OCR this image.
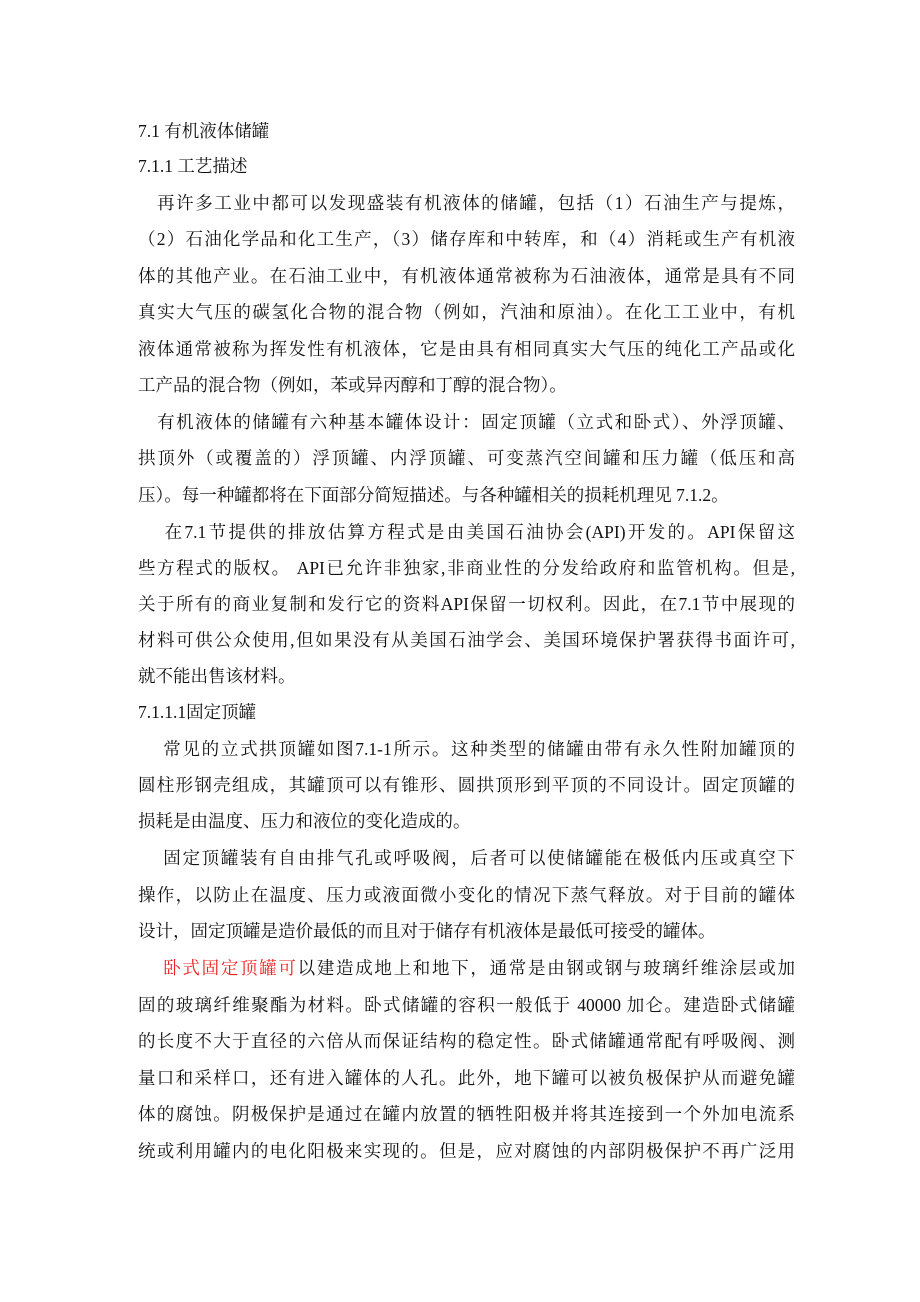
7.1 有机液体储罐
7.1.1 工艺描述
　再许多工业中都可以发现盛装有机液体的储罐，包括（1）石油生产与提炼，
（2）石油化学品和化工生产，（3）储存库和中转库，和（4）消耗或生产有机液
体的其他产业。在石油工业中，有机液体通常被称为石油液体，通常是具有不同
真实大气压的碳氢化合物的混合物（例如，汽油和原油）。在化工工业中，有机
液体通常被称为挥发性有机液体，它是由具有相同真实大气压的纯化工产品或化
工产品的混合物（例如，苯或异丙醇和丁醇的混合物）。
　有机液体的储罐有六种基本罐体设计：固定顶罐（立式和卧式）、外浮顶罐、
拱顶外（或覆盖的）浮顶罐、内浮顶罐、可变蒸汽空间罐和压力罐（低压和高
压）。每一种罐都将在下面部分简短描述。与各种罐相关的损耗机理见 7.1.2。
　 在7.1节提供的排放估算方程式是由美国石油协会(API)开发的。API保留这
些方程式的版权。 API已允许非独家,非商业性的分发给政府和监管机构。但是,
关于所有的商业复制和发行它的资料API保留一切权利。因此，在7.1节中展现的
材料可供公众使用,但如果没有从美国石油学会、美国环境保护署获得书面许可,
就不能出售该材料。
7.1.1.1固定顶罐
　 常见的立式拱顶罐如图7.1-1所示。这种类型的储罐由带有永久性附加罐顶的
圆柱形钢壳组成，其罐顶可以有锥形、圆拱顶形到平顶的不同设计。固定顶罐的
损耗是由温度、压力和液位的变化造成的。
　 固定顶罐装有自由排气孔或呼吸阀，后者可以使储罐能在极低内压或真空下
操作，以防止在温度、压力或液面微小变化的情况下蒸气释放。对于目前的罐体
设计，固定顶罐是造价最低的而且对于储存有机液体是最低可接受的罐体。
　 卧式固定顶罐可以建造成地上和地下，通常是由钢或钢与玻璃纤维涂层或加
固的玻璃纤维聚酯为材料。卧式储罐的容积一般低于 40000 加仑。建造卧式储罐
的长度不大于直径的六倍从而保证结构的稳定性。卧式储罐通常配有呼吸阀、测
量口和采样口，还有进入罐体的人孔。此外，地下罐可以被负极保护从而避免罐
体的腐蚀。阴极保护是通过在罐内放置的牺牲阳极并将其连接到一个外加电流系
统或利用罐内的电化阳极来实现的。但是，应对腐蚀的内部阴极保护不再广泛用
